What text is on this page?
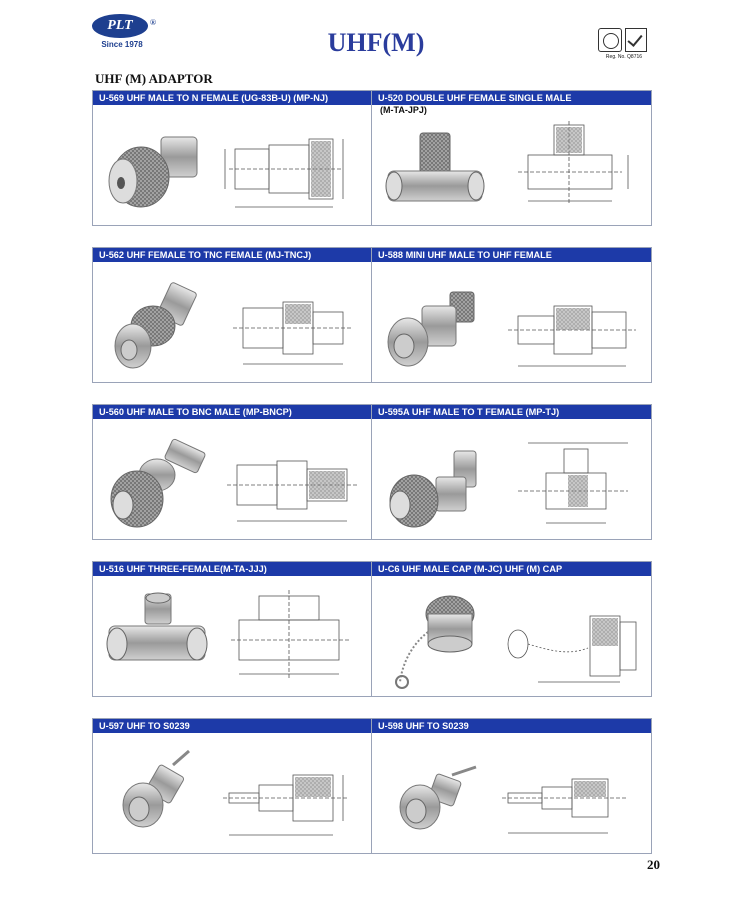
PLT ®
Since 1978	UHF(M)	Reg. No. Q8716
UHF (M) ADAPTOR
U-569 UHF MALE TO N FEMALE (UG-83B-U) (MP-NJ)	U-520 DOUBLE UHF FEMALE SINGLE MALE
(M-TA-JPJ)
U-562 UHF FEMALE TO TNC FEMALE (MJ-TNCJ)	U-588 MINI UHF MALE TO UHF FEMALE
U-560 UHF MALE TO BNC MALE (MP-BNCP)	U-595A UHF MALE TO T FEMALE (MP-TJ)
U-516 UHF THREE-FEMALE(M-TA-JJJ)	U-C6 UHF MALE CAP (M-JC) UHF (M) CAP
U-597 UHF TO S0239	U-598 UHF TO S0239
20
